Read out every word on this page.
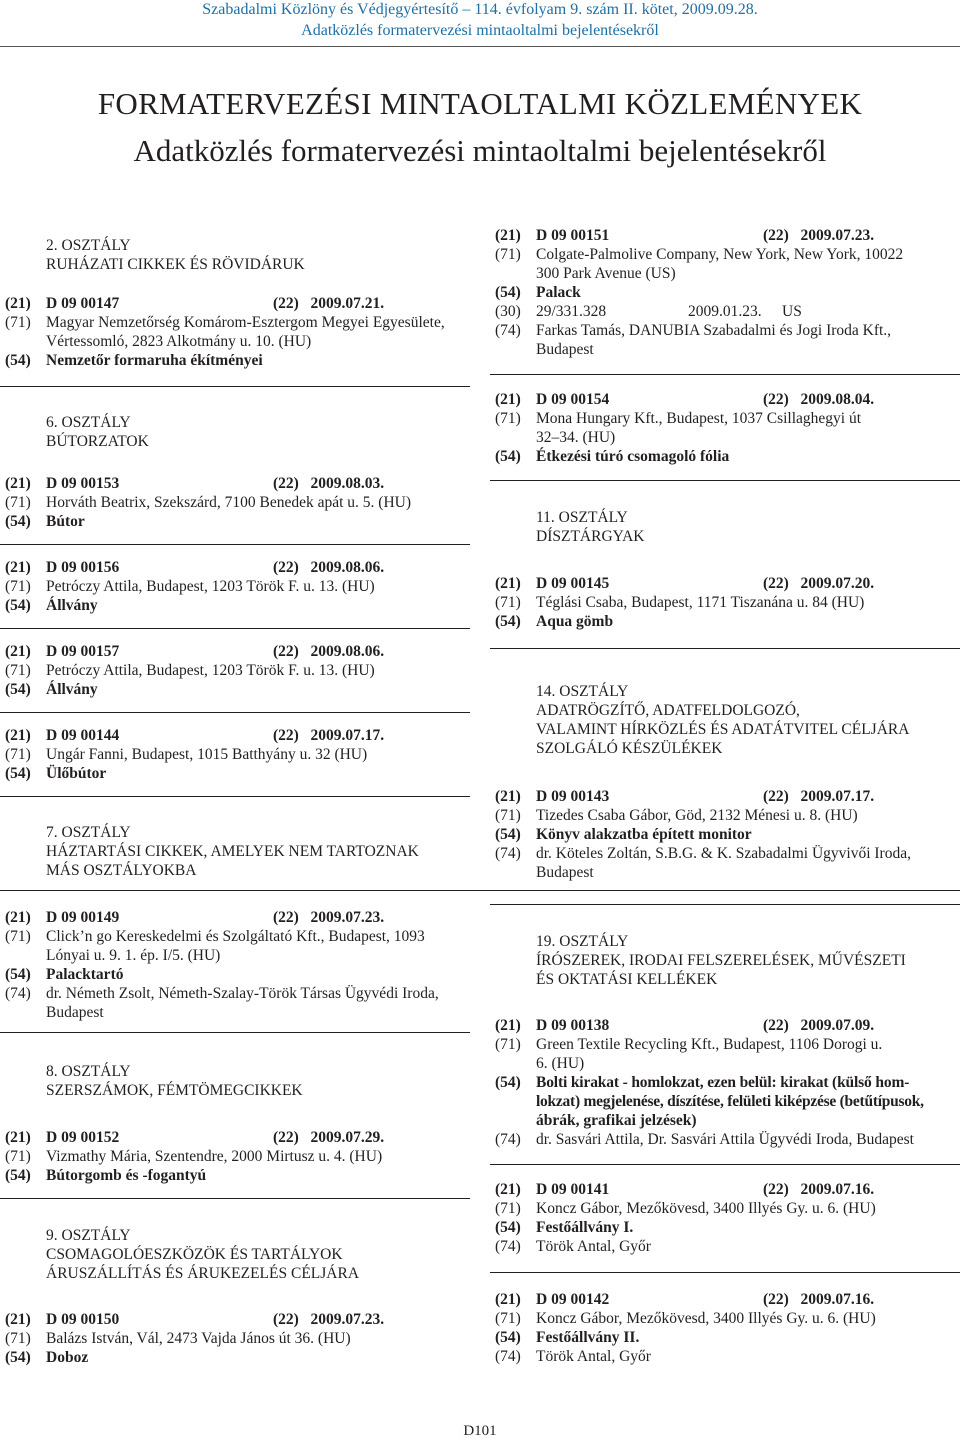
Szabadalmi Közlöny és Védjegyértesítő – 114. évfolyam 9. szám II. kötet, 2009.09.28.
Adatközlés formatervezési mintaoltalmi bejelentésekről
FORMATERVEZÉSI MINTAOLTALMI KÖZLEMÉNYEK
Adatközlés formatervezési mintaoltalmi bejelentésekről
2. OSZTÁLY
RUHÁZATI CIKKEK ÉS RÖVIDÁRUK
(21) D 09 00147	(22) 2009.07.21.
(71) Magyar Nemzetőrség Komárom-Esztergom Megyei Egyesülete,
Vértessomló, 2823 Alkotmány u. 10. (HU)
(54) Nemzetőr formaruha ékítményei
6. OSZTÁLY
BÚTORZATOK
(21) D 09 00153	(22) 2009.08.03.
(71) Horváth Beatrix, Szekszárd, 7100 Benedek apát u. 5. (HU)
(54) Bútor
(21) D 09 00156	(22) 2009.08.06.
(71) Petróczy Attila, Budapest, 1203 Török F. u. 13. (HU)
(54) Állvány
(21) D 09 00157	(22) 2009.08.06.
(71) Petróczy Attila, Budapest, 1203 Török F. u. 13. (HU)
(54) Állvány
(21) D 09 00144	(22) 2009.07.17.
(71) Ungár Fanni, Budapest, 1015 Batthyány u. 32 (HU)
(54) Ülőbútor
7. OSZTÁLY
HÁZTARTÁSI CIKKEK, AMELYEK NEM TARTOZNAK
MÁS OSZTÁLYOKBA
(21) D 09 00149	(22) 2009.07.23.
(71) Click’n go Kereskedelmi és Szolgáltató Kft., Budapest, 1093
Lónyai u. 9. 1. ép. I/5. (HU)
(54) Palacktartó
(74) dr. Németh Zsolt, Németh-Szalay-Török Társas Ügyvédi Iroda,
Budapest
8. OSZTÁLY
SZERSZÁMOK, FÉMTÖMEGCIKKEK
(21) D 09 00152	(22) 2009.07.29.
(71) Vizmathy Mária, Szentendre, 2000 Mirtusz u. 4. (HU)
(54) Bútorgomb és -fogantyú
9. OSZTÁLY
CSOMAGOLÓESZKÖZÖK ÉS TARTÁLYOK
ÁRUSZÁLLÍTÁS ÉS ÁRUKEZELÉS CÉLJÁRA
(21) D 09 00150	(22) 2009.07.23.
(71) Balázs István, Vál, 2473 Vajda János út 36. (HU)
(54) Doboz
(21) D 09 00151	(22) 2009.07.23.
(71) Colgate-Palmolive Company, New York, New York, 10022
300 Park Avenue (US)
(54) Palack
(30) 29/331.328	2009.01.23. US
(74) Farkas Tamás, DANUBIA Szabadalmi és Jogi Iroda Kft.,
Budapest
(21) D 09 00154	(22) 2009.08.04.
(71) Mona Hungary Kft., Budapest, 1037 Csillaghegyi út
32–34. (HU)
(54) Étkezési túró csomagoló fólia
11. OSZTÁLY
DÍSZTÁRGYAK
(21) D 09 00145	(22) 2009.07.20.
(71) Téglási Csaba, Budapest, 1171 Tiszanána u. 84 (HU)
(54) Aqua gömb
14. OSZTÁLY
ADATRÖGZÍTŐ, ADATFELDOLGOZÓ,
VALAMINT HÍRKÖZLÉS ÉS ADATÁTVITEL CÉLJÁRA
SZOLGÁLÓ KÉSZÜLÉKEK
(21) D 09 00143	(22) 2009.07.17.
(71) Tizedes Csaba Gábor, Göd, 2132 Ménesi u. 8. (HU)
(54) Könyv alakzatba épített monitor
(74) dr. Köteles Zoltán, S.B.G. & K. Szabadalmi Ügyvivői Iroda,
Budapest
19. OSZTÁLY
ÍRÓSZEREK, IRODAI FELSZERELÉSEK, MŰVÉSZETI
ÉS OKTATÁSI KELLÉKEK
(21) D 09 00138	(22) 2009.07.09.
(71) Green Textile Recycling Kft., Budapest, 1106 Dorogi u.
6. (HU)
(54) Bolti kirakat - homlokzat, ezen belül: kirakat (külső hom-
lokzat) megjelenése, díszítése, felületi kiképzése (betűtípusok,
ábrák, grafikai jelzések)
(74) dr. Sasvári Attila, Dr. Sasvári Attila Ügyvédi Iroda, Budapest
(21) D 09 00141	(22) 2009.07.16.
(71) Koncz Gábor, Mezőkövesd, 3400 Illyés Gy. u. 6. (HU)
(54) Festőállvány I.
(74) Török Antal, Győr
(21) D 09 00142	(22) 2009.07.16.
(71) Koncz Gábor, Mezőkövesd, 3400 Illyés Gy. u. 6. (HU)
(54) Festőállvány II.
(74) Török Antal, Győr
D101
